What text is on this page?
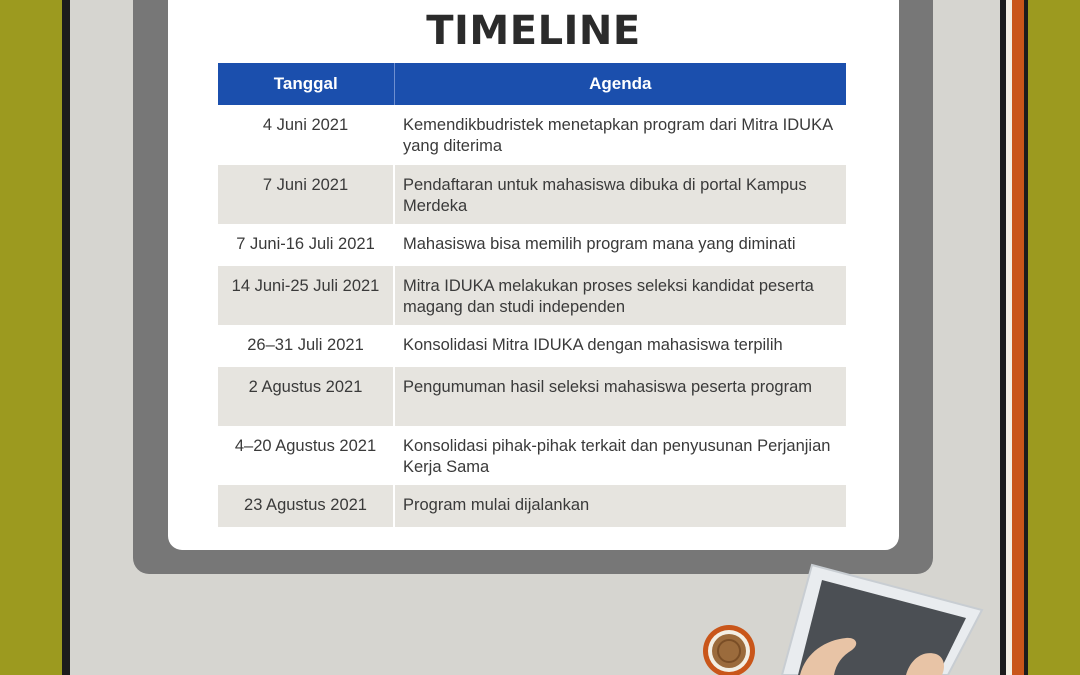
TIMELINE
Tanggal	Agenda
4 Juni 2021	Kemendikbudristek menetapkan program dari Mitra IDUKA yang diterima
7 Juni 2021	Pendaftaran untuk mahasiswa dibuka di portal Kampus Merdeka
7 Juni-16 Juli 2021	Mahasiswa bisa memilih program mana yang diminati
14 Juni-25 Juli 2021	Mitra IDUKA melakukan proses seleksi kandidat peserta magang dan studi independen
26–31 Juli 2021	Konsolidasi Mitra IDUKA dengan mahasiswa terpilih
2 Agustus 2021	Pengumuman hasil seleksi mahasiswa peserta program
4–20 Agustus 2021	Konsolidasi pihak-pihak terkait dan penyusunan Perjanjian Kerja Sama
23 Agustus 2021	Program mulai dijalankan
